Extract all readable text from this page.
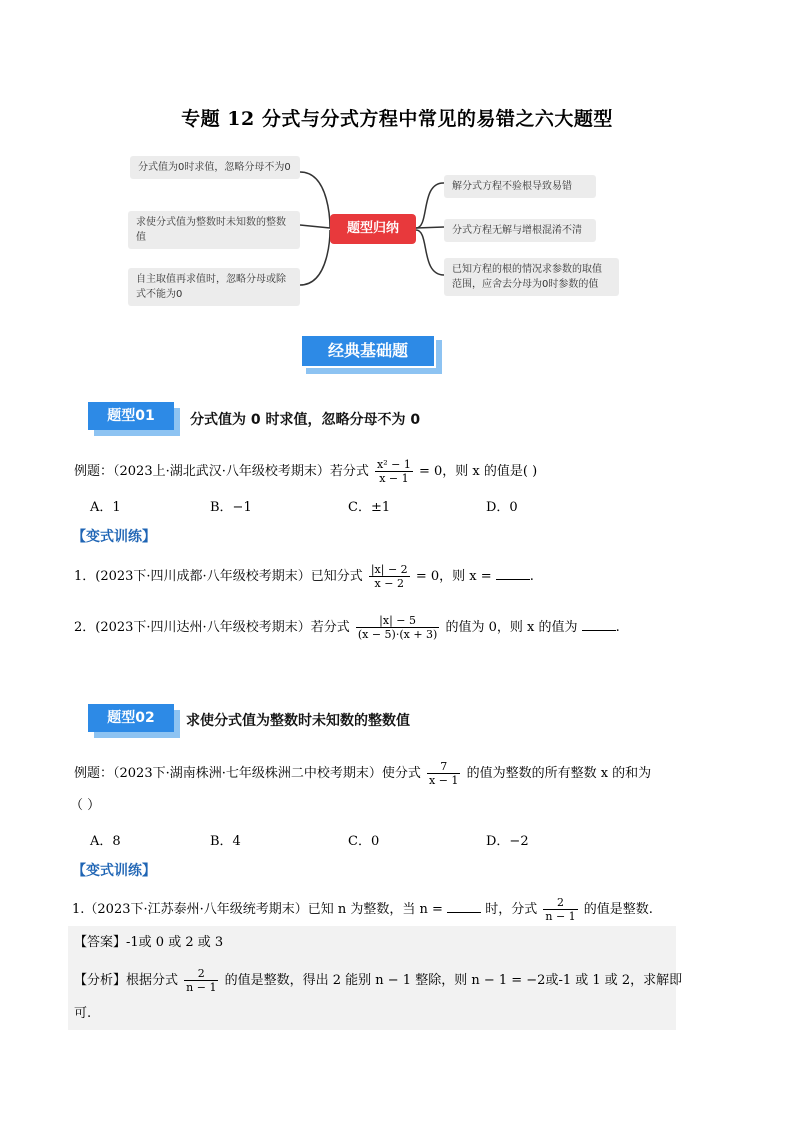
专题 12 分式与分式方程中常见的易错之六大题型
分式值为0时求值，忽略分母不为0
求使分式值为整数时未知数的整数值
自主取值再求值时，忽略分母或除式不能为0
题型归纳
解分式方程不验根导致易错
分式方程无解与增根混淆不清
已知方程的根的情况求参数的取值范围，应舍去分母为0时参数的值
经典基础题
题型01	分式值为 0 时求值，忽略分母不为 0
例题：（2023上·湖北武汉·八年级校考期末）若分式 $\frac{\text{x² − 1}}{x - 1} = 0$，则 x 的值是( )
A．1	B．−1	C．±1	D．0
【变式训练】
1．(2023下·四川成都·八年级校考期末）已知分式 $\frac{|x| - 2}{x - 2} = 0$，则 x =	.
2．(2023下·四川达州·八年级校考期末）若分式 $\frac{|x| - 5}{(x - 5)\cdot(x + 3)}$ 的值为 0，则 x 的值为	.
题型02	求使分式值为整数时未知数的整数值
例题：（2023下·湖南株洲·七年级株洲二中校考期末）使分式 $\frac{7}{x - 1}$ 的值为整数的所有整数 x 的和为
（ ）
A．8	B．4	C．0	D．−2
【变式训练】
1.（2023下·江苏泰州·八年级统考期末）已知 n 为整数，当 n =	时，分式 $\frac{2}{n - 1}$ 的值是整数.
【答案】-1或 0 或 2 或 3
【分析】根据分式 $\frac{2}{n - 1}$ 的值是整数，得出 2 能别 n − 1 整除，则 n − 1 = −2或-1 或 1 或 2，求解即
可.
